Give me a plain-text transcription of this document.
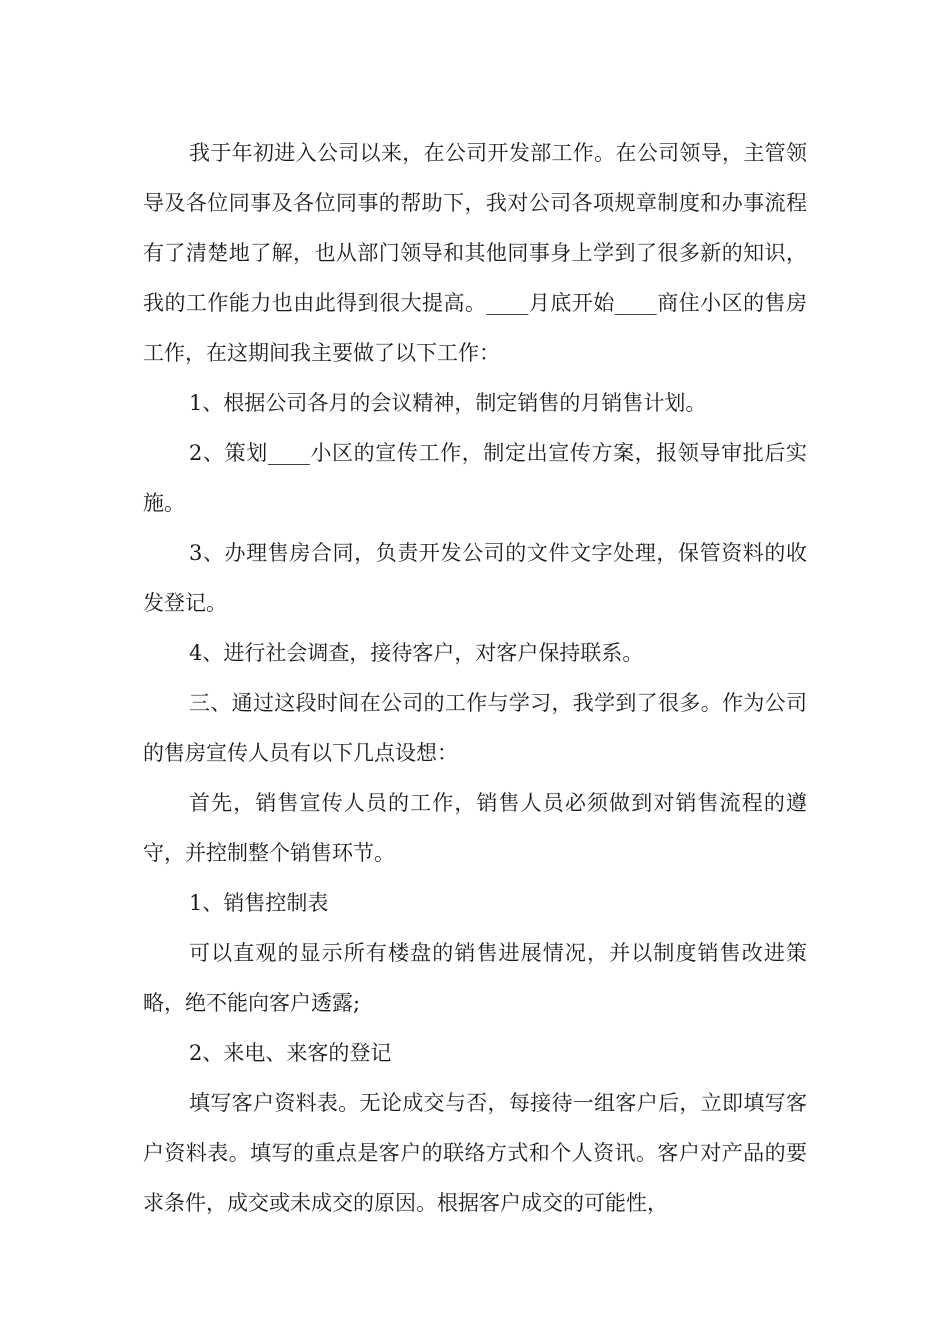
我于年初进入公司以来，在公司开发部工作。在公司领导，主管领导及各位同事及各位同事的帮助下，我对公司各项规章制度和办事流程有了清楚地了解，也从部门领导和其他同事身上学到了很多新的知识，我的工作能力也由此得到很大提高。____月底开始____商住小区的售房工作，在这期间我主要做了以下工作：

1、根据公司各月的会议精神，制定销售的月销售计划。

2、策划____小区的宣传工作，制定出宣传方案，报领导审批后实施。

3、办理售房合同，负责开发公司的文件文字处理，保管资料的收发登记。

4、进行社会调查，接待客户，对客户保持联系。

三、通过这段时间在公司的工作与学习，我学到了很多。作为公司的售房宣传人员有以下几点设想：

首先，销售宣传人员的工作，销售人员必须做到对销售流程的遵守，并控制整个销售环节。

1、销售控制表

可以直观的显示所有楼盘的销售进展情况，并以制度销售改进策略，绝不能向客户透露;

2、来电、来客的登记

填写客户资料表。无论成交与否，每接待一组客户后，立即填写客户资料表。填写的重点是客户的联络方式和个人资讯。客户对产品的要求条件，成交或未成交的原因。根据客户成交的可能性，
